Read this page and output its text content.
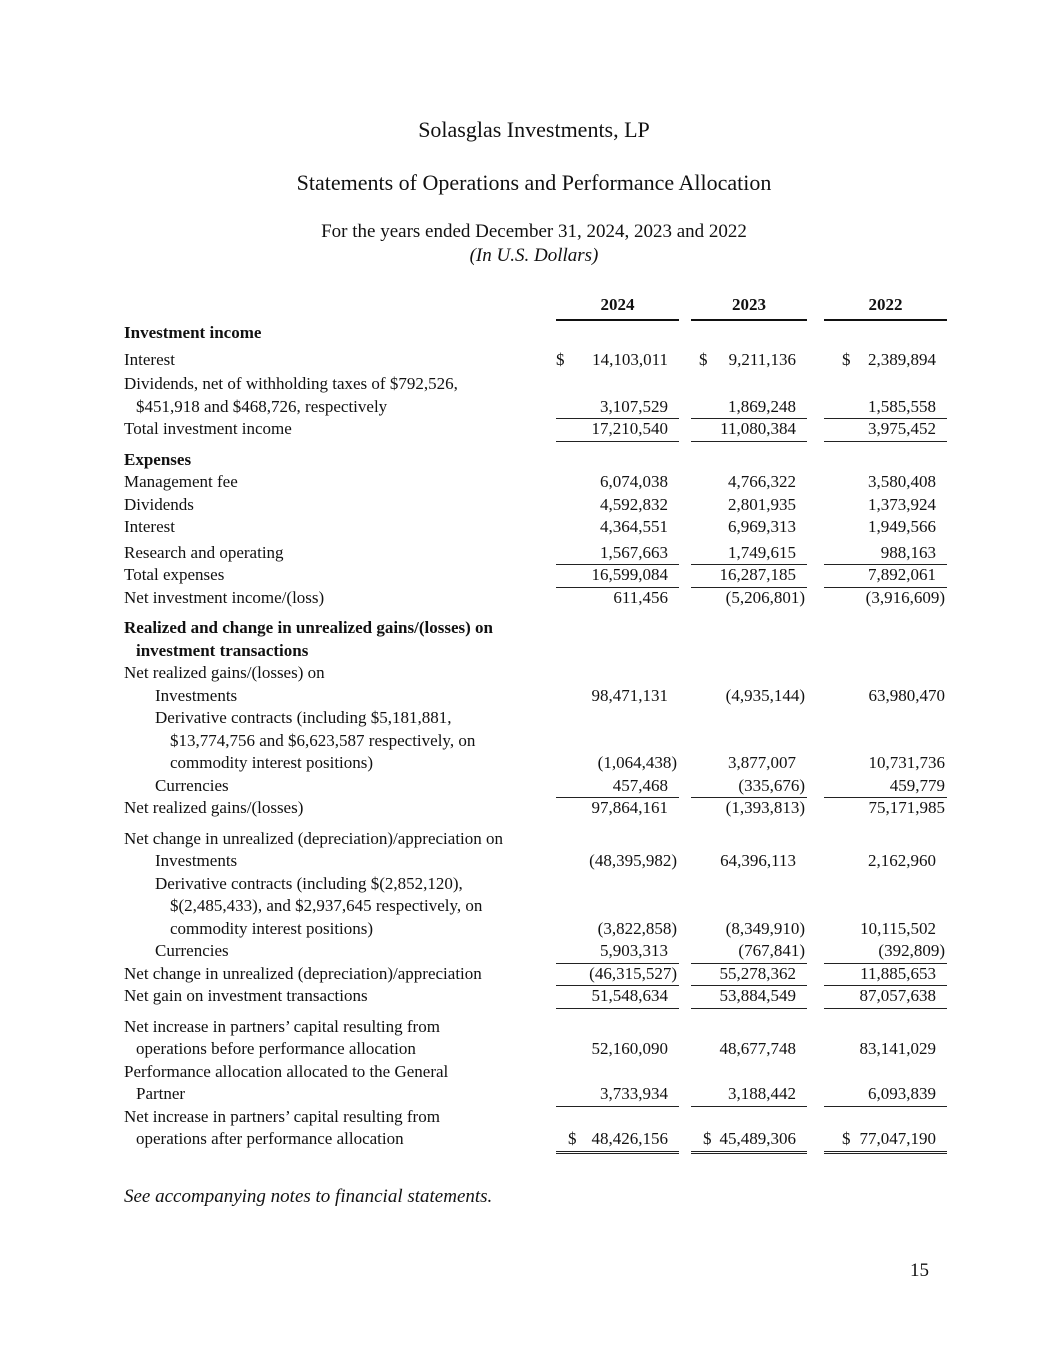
Solasglas Investments, LP
Statements of Operations and Performance Allocation
For the years ended December 31, 2024, 2023 and 2022
(In U.S. Dollars)
2024	2023	2022
Investment income
Interest	$ 14,103,011 $ 9,211,136	$ 2,389,894
Dividends, net of withholding taxes of $792,526,
$451,918 and $468,726, respectively	3,107,529	1,869,248	1,585,558
Total investment income	17,210,540	11,080,384	3,975,452
Expenses
Management fee	6,074,038	4,766,322	3,580,408
Dividends	4,592,832	2,801,935	1,373,924
Interest	4,364,551	6,969,313	1,949,566
Research and operating	1,567,663	1,749,615	988,163
Total expenses	16,599,084	16,287,185	7,892,061
Net investment income/(loss)	611,456	(5,206,801)	(3,916,609)
Realized and change in unrealized gains/(losses) on
investment transactions
Net realized gains/(losses) on
Investments	98,471,131	(4,935,144)	63,980,470
Derivative contracts (including $5,181,881,
$13,774,756 and $6,623,587 respectively, on
commodity interest positions)	(1,064,438)	3,877,007	10,731,736
Currencies	457,468	(335,676)	459,779
Net realized gains/(losses)	97,864,161	(1,393,813)	75,171,985
Net change in unrealized (depreciation)/appreciation on
Investments	(48,395,982)	64,396,113	2,162,960
Derivative contracts (including $(2,852,120),
$(2,485,433), and $2,937,645 respectively, on
commodity interest positions)	(3,822,858)	(8,349,910)	10,115,502
Currencies	5,903,313	(767,841)	(392,809)
Net change in unrealized (depreciation)/appreciation	(46,315,527)	55,278,362	11,885,653
Net gain on investment transactions	51,548,634	53,884,549	87,057,638
Net increase in partners’ capital resulting from
operations before performance allocation	52,160,090	48,677,748	83,141,029
Performance allocation allocated to the General
Partner	3,733,934	3,188,442	6,093,839
Net increase in partners’ capital resulting from
operations after performance allocation	$ 48,426,156 $ 45,489,306	$ 77,047,190
See accompanying notes to financial statements.
15
